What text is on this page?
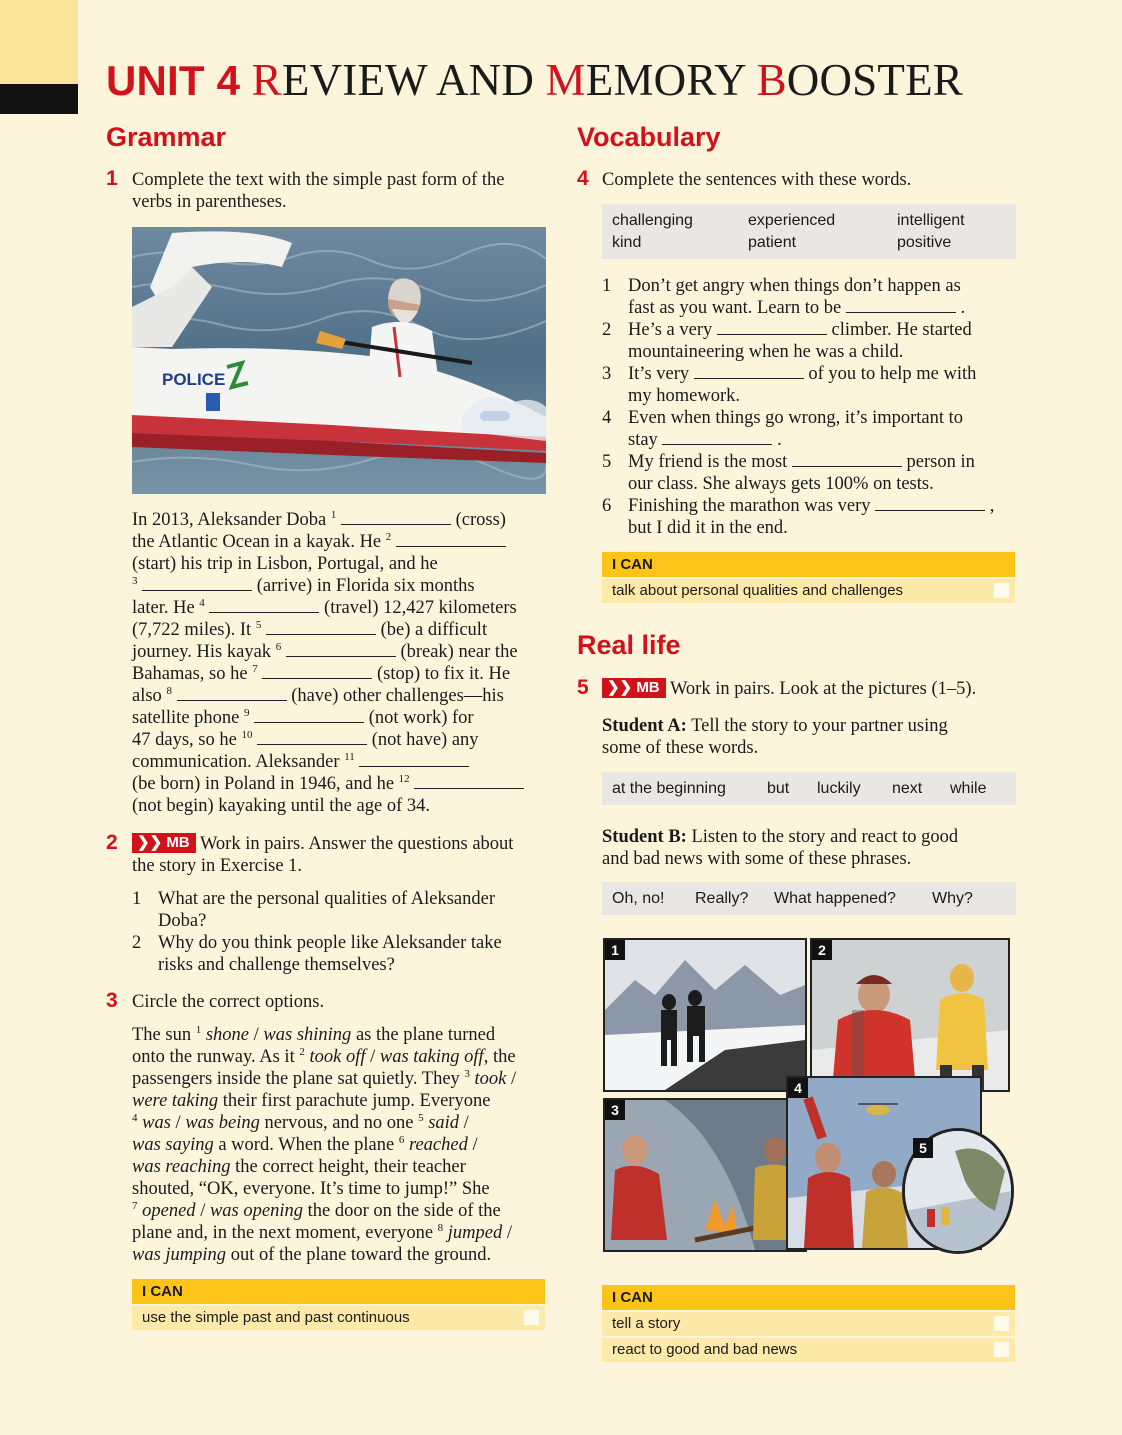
UNIT 4 REVIEW AND MEMORY BOOSTER
Grammar
1 Complete the text with the simple past form of the
verbs in parentheses.
POLICE
In 2013, Aleksander Doba $^1$	(cross)
the Atlantic Ocean in a kayak. He $^2$
(start) his trip in Lisbon, Portugal, and he
$^3$	(arrive) in Florida six months
later. He $^4$	(travel) 12,427 kilometers
(7,722 miles). It $^5$	(be) a difficult
journey. His kayak $^6$	(break) near the
Bahamas, so he $^7$	(stop) to fix it. He
also $^8$	(have) other challenges—his
satellite phone $^9$	(not work) for
47 days, so he $^{10}$	(not have) any
communication. Aleksander $^{11}$
(be born) in Poland in 1946, and he $^{12}$
(not begin) kayaking until the age of 34.
2	❯❯ MB Work in pairs. Answer the questions about
the story in Exercise 1.
1 What are the personal qualities of Aleksander
Doba?
2 Why do you think people like Aleksander take
risks and challenge themselves?
3 Circle the correct options.
The sun $^1$ shone / was shining as the plane turned
onto the runway. As it $^2$ took off / was taking off, the
passengers inside the plane sat quietly. They $^3$ took /
were taking their first parachute jump. Everyone
$^4$ was / was being nervous, and no one $^5$ said /
was saying a word. When the plane $^6$ reached /
was reaching the correct height, their teacher
shouted, “OK, everyone. It’s time to jump!” She
$^7$ opened / was opening the door on the side of the
plane and, in the next moment, everyone $^8$ jumped /
was jumping out of the plane toward the ground.
I CAN
use the simple past and past continuous
Vocabulary
4 Complete the sentences with these words.
challenging	experienced	intelligent
kind	patient	positive
1 Don’t get angry when things don’t happen as
fast as you want. Learn to be	.
2 He’s a very	climber. He started
mountaineering when he was a child.
3 It’s very	of you to help me with
my homework.
4 Even when things go wrong, it’s important to
stay	.
5 My friend is the most	person in
our class. She always gets 100% on tests.
6 Finishing the marathon was very	,
but I did it in the end.
I CAN
talk about personal qualities and challenges
Real life
5	❯❯ MB Work in pairs. Look at the pictures (1–5).
Student A: Tell the story to your partner using
some of these words.
at the beginning	but luckily next while
Student B: Listen to the story and react to good
and bad news with some of these phrases.
Oh, no! Really? What happened? Why?
1	2
3
4
5
I CAN
tell a story
react to good and bad news
